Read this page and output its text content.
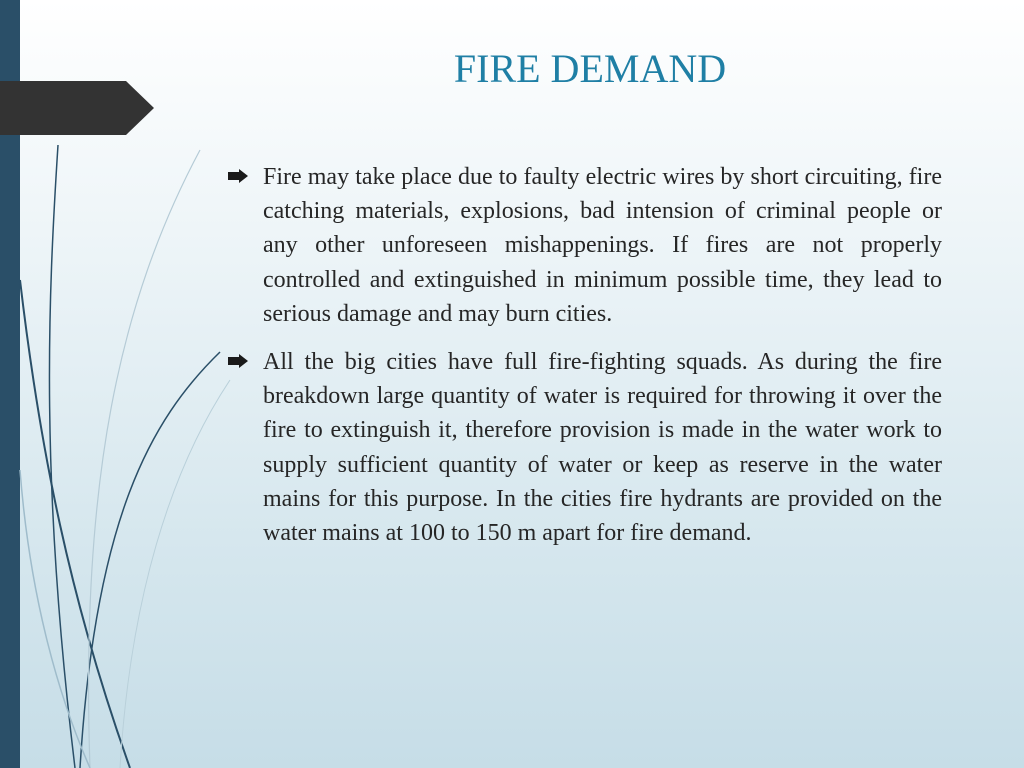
FIRE DEMAND
Fire may take place due to faulty electric wires by short circuiting, fire catching materials, explosions, bad intension of criminal people or any other unforeseen mishappenings. If fires are not properly controlled and extinguished in minimum possible time, they lead to serious damage and may burn cities.
All the big cities have full fire-fighting squads. As during the fire breakdown large quantity of water is required for throwing it over the fire to extinguish it, therefore provision is made in the water work to supply sufficient quantity of water or keep as reserve in the water mains for this purpose. In the cities fire hydrants are provided on the water mains at 100 to 150 m apart for fire demand.
